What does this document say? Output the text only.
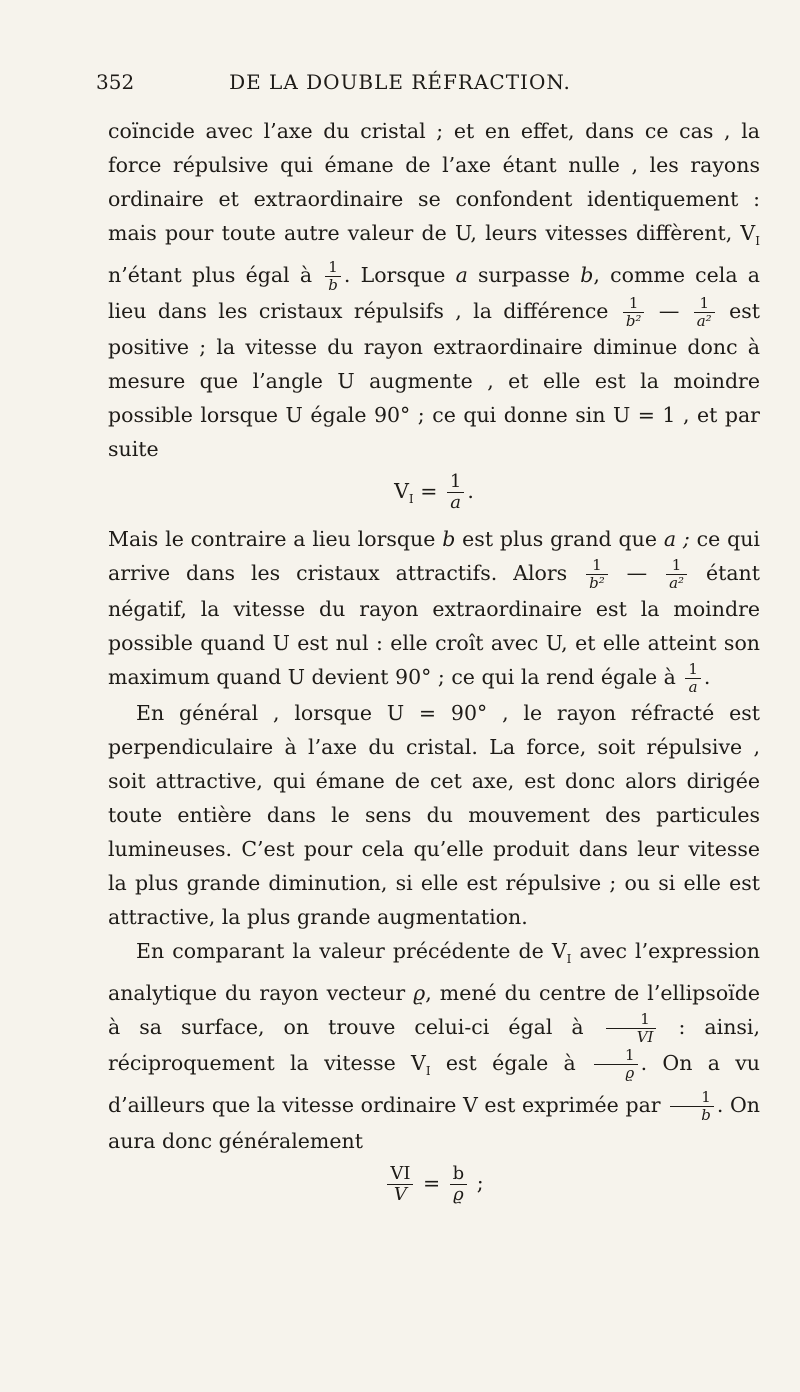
352	DE LA DOUBLE RÉFRACTION.

coïncide avec l’axe du cristal ; et en effet, dans ce cas , la force répulsive qui émane de l’axe étant nulle , les rayons ordinaire et extraordinaire se confondent identiquement : mais pour toute autre valeur de U, leurs vitesses diffèrent, $V_I$ n’étant plus égal à $\frac{1}{b}$ . Lorsque a surpasse b, comme cela a lieu dans les cristaux répulsifs , la différence $\frac{1}{\text{b²}}$ — $\frac{1}{\text{a²}}$ est positive ; la vitesse du rayon extraordinaire diminue donc à mesure que l’angle U augmente , et elle est la moindre possible lorsque U égale 90° ; ce qui donne sin U = 1 , et par suite

$V_I = \frac{1}{a}$ .

Mais le contraire a lieu lorsque b est plus grand que a ; ce qui arrive dans les cristaux attractifs. Alors $\frac{1}{\text{b²}}$ — $\frac{1}{\text{a²}}$ étant négatif, la vitesse du rayon extraordinaire est la moindre possible quand U est nul : elle croît avec U, et elle atteint son maximum quand U devient 90° ; ce qui la rend égale à $\frac{1}{a}$ .

En général , lorsque U = 90° , le rayon réfracté est perpendiculaire à l’axe du cristal. La force, soit répulsive , soit attractive, qui émane de cet axe, est donc alors dirigée toute entière dans le sens du mouvement des particules lumineuses. C’est pour cela qu’elle produit dans leur vitesse la plus grande diminution, si elle est répulsive ; ou si elle est attractive, la plus grande augmentation.

En comparant la valeur précédente de $V_I$ avec l’expression analytique du rayon vecteur ϱ, mené du centre de l’ellipsoïde à sa surface, on trouve celui-ci égal à $\frac{1}{VI}$ : ainsi, réciproquement la vitesse $V_I$ est égale à $\frac{1}{ϱ}$ . On a vu d’ailleurs que la vitesse ordinaire V est exprimée par $\frac{1}{b}$ . On aura donc généralement

$\frac{VI}{V} = \frac{b}{ϱ}$ ;
